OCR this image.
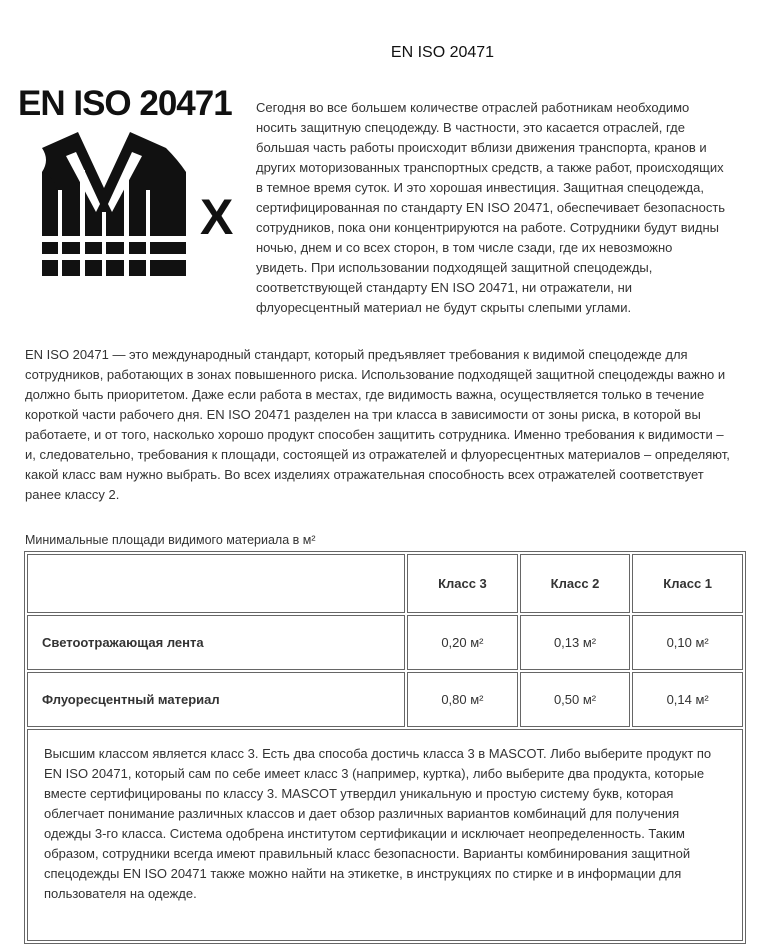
EN ISO 20471
EN ISO 20471
X

Сегодня во все большем количестве отраслей работникам необходимо носить защитную спецодежду. В частности, это касается отраслей, где большая часть работы происходит вблизи движения транспорта, кранов и других моторизованных транспортных средств, а также работ, происходящих в темное время суток. И это хорошая инвестиция. Защитная спецодежда, сертифицированная по стандарту EN ISO 20471, обеспечивает безопасность сотрудников, пока они концентрируются на работе. Сотрудники будут видны ночью, днем и со всех сторон, в том числе сзади, где их невозможно увидеть. При использовании подходящей защитной спецодежды, соответствующей стандарту EN ISO 20471, ни отражатели, ни флуоресцентный материал не будут скрыты слепыми углами.

EN ISO 20471 — это международный стандарт, который предъявляет требования к видимой спецодежде для сотрудников, работающих в зонах повышенного риска. Использование подходящей защитной спецодежды важно и должно быть приоритетом. Даже если работа в местах, где видимость важна, осуществляется только в течение короткой части рабочего дня. EN ISO 20471 разделен на три класса в зависимости от зоны риска, в которой вы работаете, и от того, насколько хорошо продукт способен защитить сотрудника. Именно требования к видимости – и, следовательно, требования к площади, состоящей из отражателей и флуоресцентных материалов – определяют, какой класс вам нужно выбрать. Во всех изделиях отражательная способность всех отражателей соответствует ранее классу 2.

Минимальные площади видимого материала в м²

	Класс 3	Класс 2	Класс 1
Светоотражающая лента	0,20 м²	0,13 м²	0,10 м²
Флуоресцентный материал	0,80 м²	0,50 м²	0,14 м²
Высшим классом является класс 3. Есть два способа достичь класса 3 в MASCOT. Либо выберите продукт по EN ISO 20471, который сам по себе имеет класс 3 (например, куртка), либо выберите два продукта, которые вместе сертифицированы по классу 3. MASCOT утвердил уникальную и простую систему букв, которая облегчает понимание различных классов и дает обзор различных вариантов комбинаций для получения одежды 3-го класса. Система одобрена институтом сертификации и исключает неопределенность. Таким образом, сотрудники всегда имеют правильный класс безопасности. Варианты комбинирования защитной спецодежды EN ISO 20471 также можно найти на этикетке, в инструкциях по стирке и в информации для пользователя на одежде.			
